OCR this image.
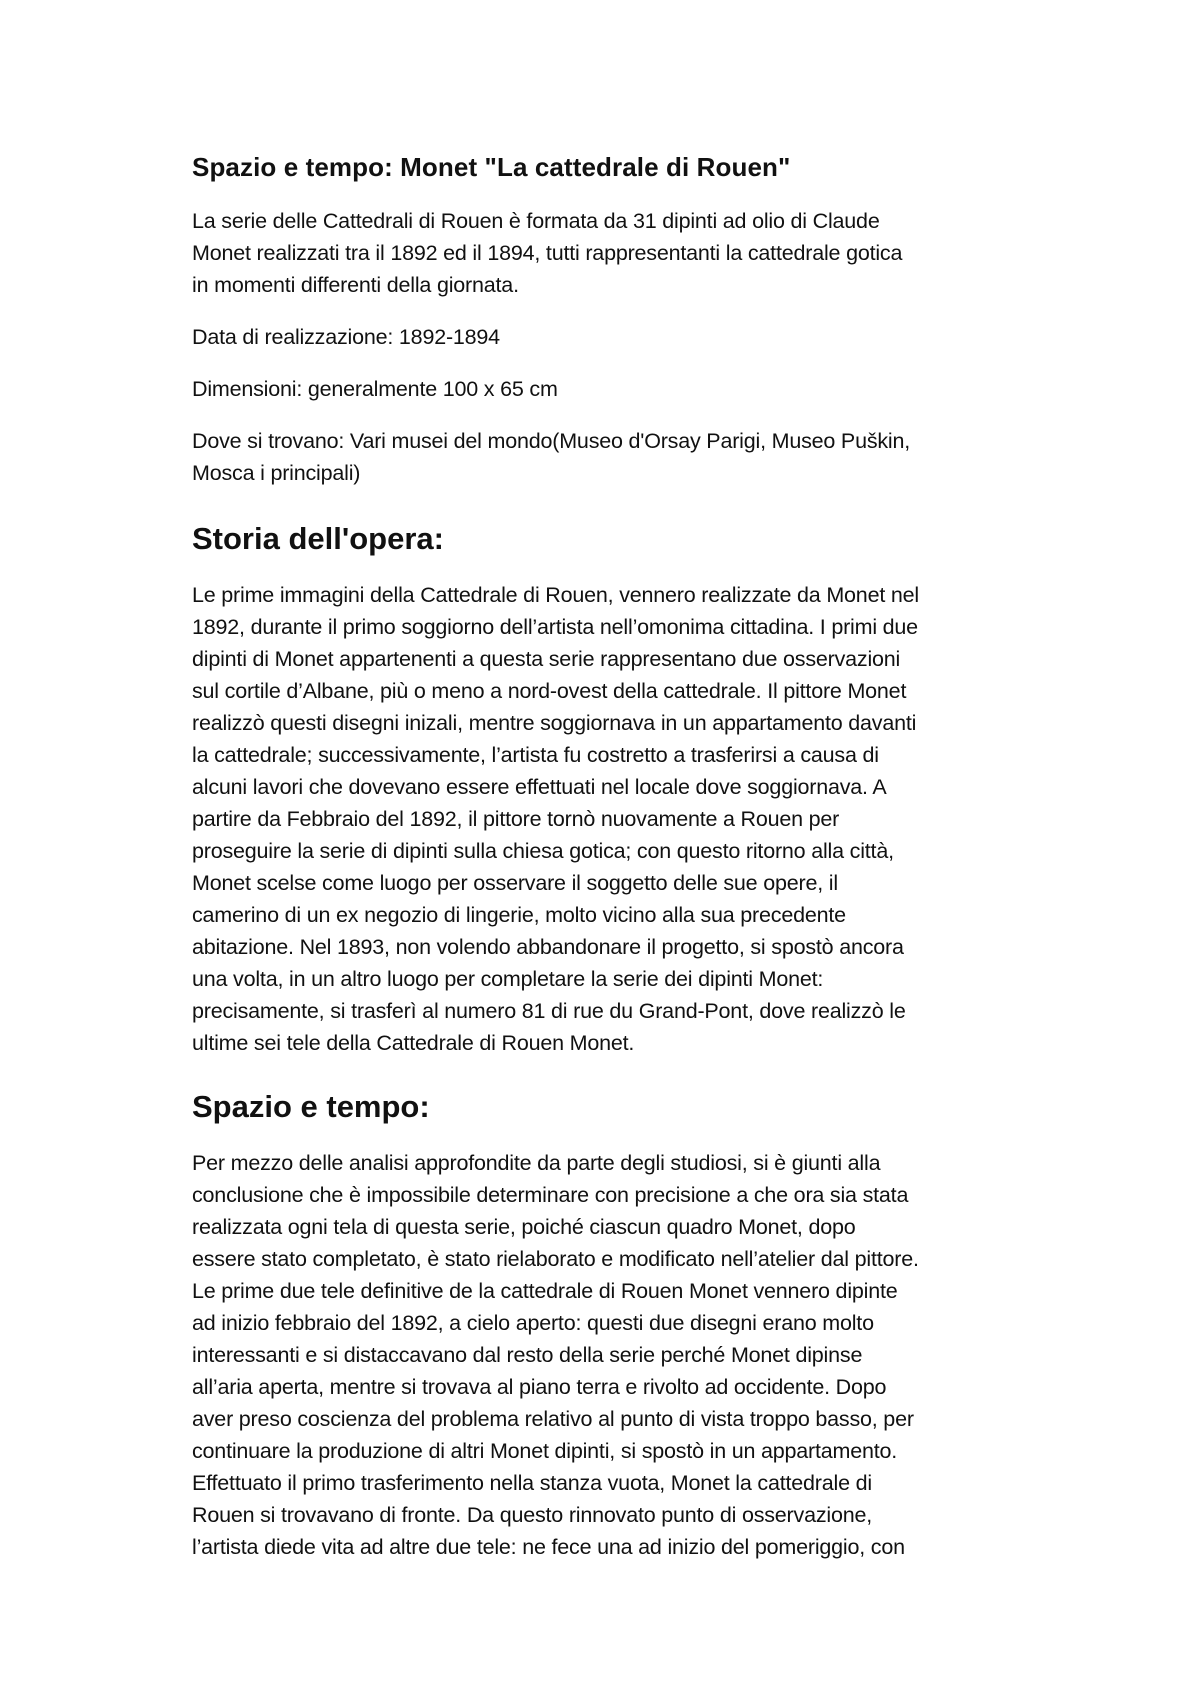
Spazio e tempo: Monet "La cattedrale di Rouen"

La serie delle Cattedrali di Rouen è formata da 31 dipinti ad olio di Claude

Monet realizzati tra il 1892 ed il 1894, tutti rappresentanti la cattedrale gotica

in momenti differenti della giornata.

Data di realizzazione: 1892-1894

Dimensioni: generalmente 100 x 65 cm

Dove si trovano: Vari musei del mondo(Museo d'Orsay Parigi, Museo Puškin,

Mosca i principali)

Storia dell'opera:

Le prime immagini della Cattedrale di Rouen, vennero realizzate da Monet nel

1892, durante il primo soggiorno dell’artista nell’omonima cittadina. I primi due

dipinti di Monet appartenenti a questa serie rappresentano due osservazioni

sul cortile d’Albane, più o meno a nord-ovest della cattedrale. Il pittore Monet

realizzò questi disegni inizali, mentre soggiornava in un appartamento davanti

la cattedrale; successivamente, l’artista fu costretto a trasferirsi a causa di

alcuni lavori che dovevano essere effettuati nel locale dove soggiornava. A

partire da Febbraio del 1892, il pittore tornò nuovamente a Rouen per

proseguire la serie di dipinti sulla chiesa gotica; con questo ritorno alla città,

Monet scelse come luogo per osservare il soggetto delle sue opere, il

camerino di un ex negozio di lingerie, molto vicino alla sua precedente

abitazione. Nel 1893, non volendo abbandonare il progetto, si spostò ancora

una volta, in un altro luogo per completare la serie dei dipinti Monet:

precisamente, si trasferì al numero 81 di rue du Grand-Pont, dove realizzò le

ultime sei tele della Cattedrale di Rouen Monet.

Spazio e tempo:

Per mezzo delle analisi approfondite da parte degli studiosi, si è giunti alla

conclusione che è impossibile determinare con precisione a che ora sia stata

realizzata ogni tela di questa serie, poiché ciascun quadro Monet, dopo

essere stato completato, è stato rielaborato e modificato nell’atelier dal pittore.

Le prime due tele definitive de la cattedrale di Rouen Monet vennero dipinte

ad inizio febbraio del 1892, a cielo aperto: questi due disegni erano molto

interessanti e si distaccavano dal resto della serie perché Monet dipinse

all’aria aperta, mentre si trovava al piano terra e rivolto ad occidente. Dopo

aver preso coscienza del problema relativo al punto di vista troppo basso, per

continuare la produzione di altri Monet dipinti, si spostò in un appartamento.

Effettuato il primo trasferimento nella stanza vuota, Monet la cattedrale di

Rouen si trovavano di fronte. Da questo rinnovato punto di osservazione,

l’artista diede vita ad altre due tele: ne fece una ad inizio del pomeriggio, con
